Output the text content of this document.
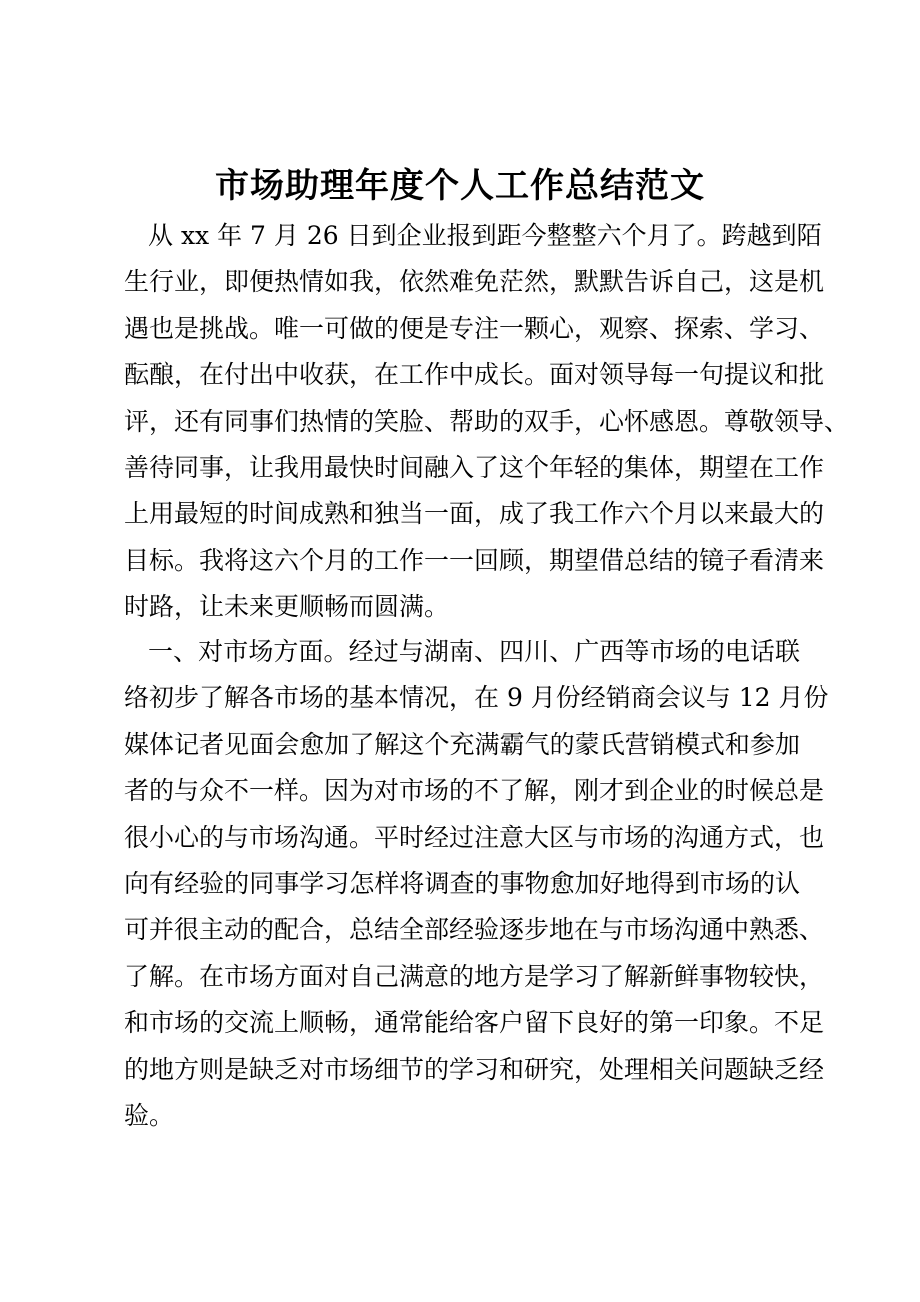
市场助理年度个人工作总结范文
从 xx 年 7 月 26 日到企业报到距今整整六个月了。跨越到陌
生行业，即便热情如我，依然难免茫然，默默告诉自己，这是机
遇也是挑战。唯一可做的便是专注一颗心，观察、探索、学习、
酝酿，在付出中收获，在工作中成长。面对领导每一句提议和批
评，还有同事们热情的笑脸、帮助的双手，心怀感恩。尊敬领导、
善待同事，让我用最快时间融入了这个年轻的集体，期望在工作
上用最短的时间成熟和独当一面，成了我工作六个月以来最大的
目标。我将这六个月的工作一一回顾，期望借总结的镜子看清来
时路，让未来更顺畅而圆满。
一、对市场方面。经过与湖南、四川、广西等市场的电话联
络初步了解各市场的基本情况，在 9 月份经销商会议与 12 月份
媒体记者见面会愈加了解这个充满霸气的蒙氏营销模式和参加
者的与众不一样。因为对市场的不了解，刚才到企业的时候总是
很小心的与市场沟通。平时经过注意大区与市场的沟通方式，也
向有经验的同事学习怎样将调查的事物愈加好地得到市场的认
可并很主动的配合，总结全部经验逐步地在与市场沟通中熟悉、
了解。在市场方面对自己满意的地方是学习了解新鲜事物较快，
和市场的交流上顺畅，通常能给客户留下良好的第一印象。不足
的地方则是缺乏对市场细节的学习和研究，处理相关问题缺乏经
验。
